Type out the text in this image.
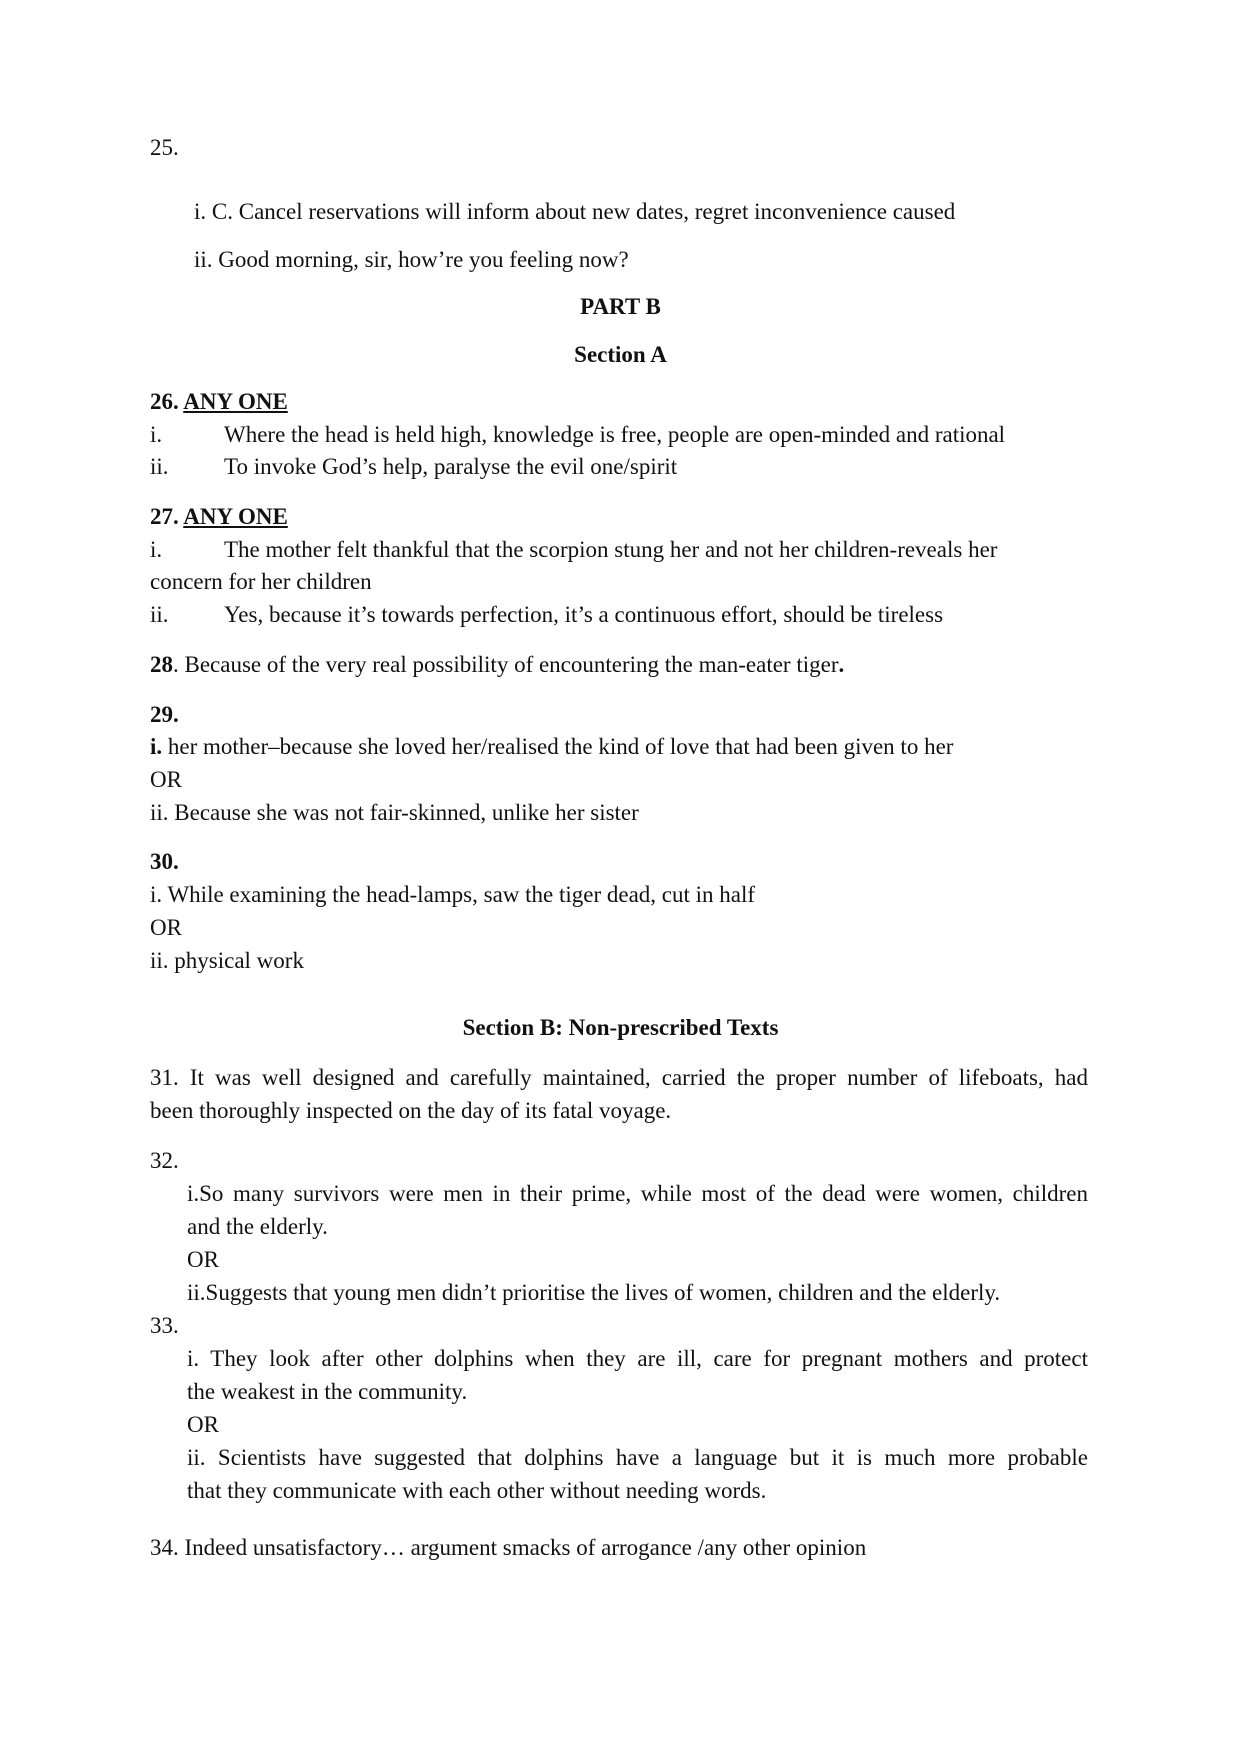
25.
i. C. Cancel reservations will inform about new dates, regret inconvenience caused
ii. Good morning, sir, how’re you feeling now?
PART B
Section A
26. ANY ONE
i.	Where the head is held high, knowledge is free, people are open-minded and rational
ii. To invoke God’s help, paralyse the evil one/spirit
27. ANY ONE
i.	The mother felt thankful that the scorpion stung her and not her children-reveals her
concern for her children
ii. Yes, because it’s towards perfection, it’s a continuous effort, should be tireless
28. Because of the very real possibility of encountering the man-eater tiger.
29.
i. her mother–because she loved her/realised the kind of love that had been given to her
OR
ii. Because she was not fair-skinned, unlike her sister
30.
i. While examining the head-lamps, saw the tiger dead, cut in half
OR
ii. physical work
Section B: Non-prescribed Texts
31. It was well designed and carefully maintained, carried the proper number of lifeboats, had
been thoroughly inspected on the day of its fatal voyage.
32.
i.So many survivors were men in their prime, while most of the dead were women, children
and the elderly.
OR
ii.Suggests that young men didn’t prioritise the lives of women, children and the elderly.
33.
i. They look after other dolphins when they are ill, care for pregnant mothers and protect
the weakest in the community.
OR
ii. Scientists have suggested that dolphins have a language but it is much more probable
that they communicate with each other without needing words.
34. Indeed unsatisfactory… argument smacks of arrogance /any other opinion
